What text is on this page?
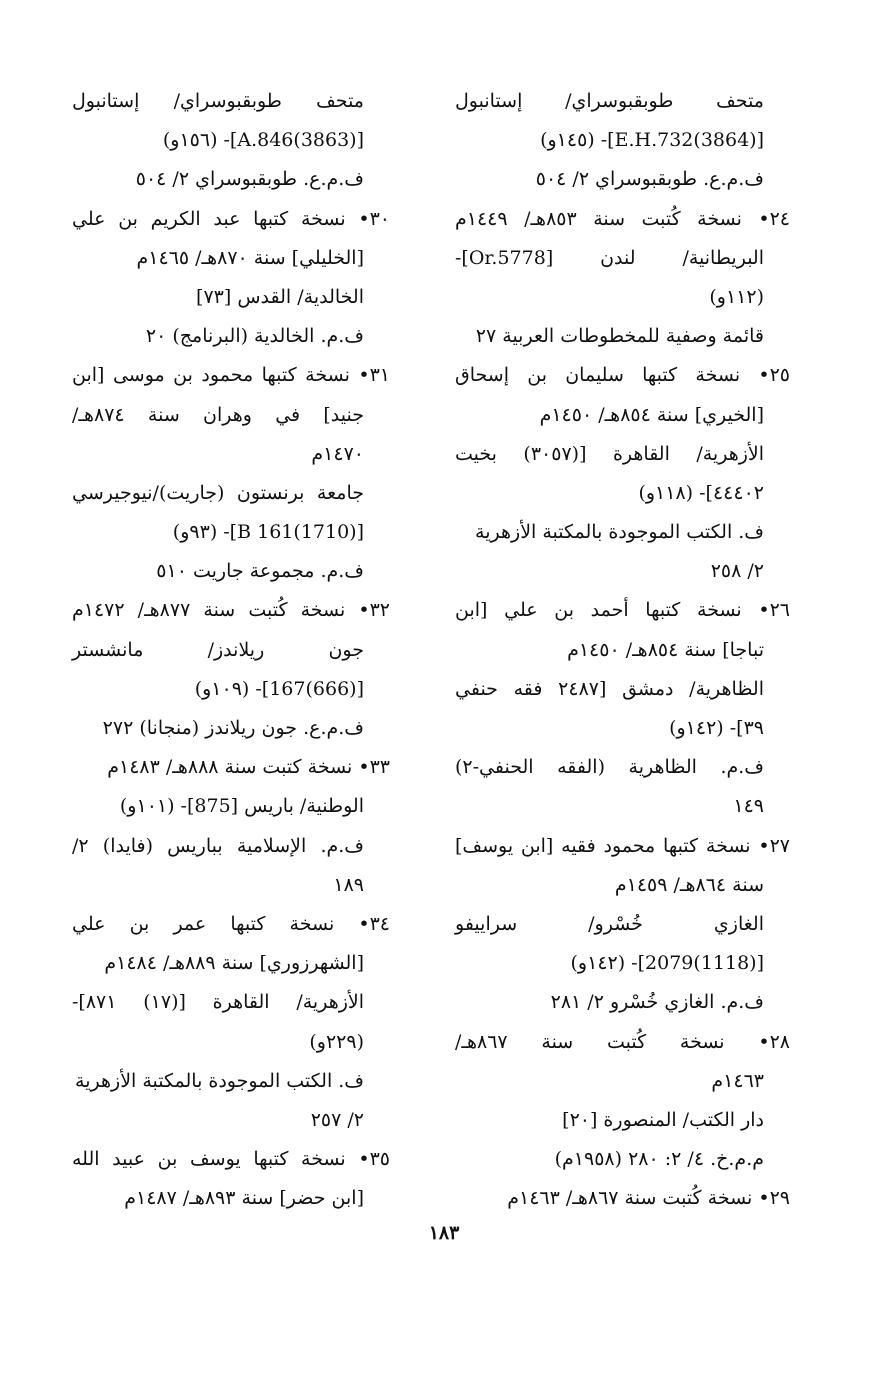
متحف طوبقبوسراي/ إستانبول
[(3864)E.H.732]- (١٤٥و)
ف.م.ع. طوبقبوسراي ٢/ ٥٠٤
٢٤• نسخة كُتبت سنة ٨٥٣هـ/ ١٤٤٩م
البريطانية/ لندن [Or.5778]-
(١١٢و)
قائمة وصفية للمخطوطات العربية ٢٧
٢٥• نسخة كتبها سليمان بن إسحاق
[الخيري] سنة ٨٥٤هـ/ ١٤٥٠م
الأزهرية/ القاهرة [(٣٠٥٧) بخيت
٤٤٤٠٢]- (١١٨و)
ف. الكتب الموجودة بالمكتبة الأزهرية
٢/ ٢٥٨
٢٦• نسخة كتبها أحمد بن علي [ابن
تباجا] سنة ٨٥٤هـ/ ١٤٥٠م
الظاهرية/ دمشق [٢٤٨٧ فقه حنفي
٣٩]- (١٤٢و)
ف.م. الظاهرية (الفقه الحنفي-٢)
١٤٩
٢٧• نسخة كتبها محمود فقيه [ابن يوسف]
سنة ٨٦٤هـ/ ١٤٥٩م
الغازي خُسْرو/ سراييفو
[(1118)2079]- (١٤٢و)
ف.م. الغازي خُسْرو ٢/ ٢٨١
٢٨• نسخة كُتبت سنة ٨٦٧هـ/
١٤٦٣م
دار الكتب/ المنصورة [٢٠]
م.م.خ. ٤/ ٢: ٢٨٠ (١٩٥٨م)
٢٩• نسخة كُتبت سنة ٨٦٧هـ/ ١٤٦٣م
متحف طوبقبوسراي/ إستانبول
[(3863)A.846]- (١٥٦و)
ف.م.ع. طوبقبوسراي ٢/ ٥٠٤
٣٠• نسخة كتبها عبد الكريم بن علي
[الخليلي] سنة ٨٧٠هـ/ ١٤٦٥م
الخالدية/ القدس [٧٣]
ف.م. الخالدية (البرنامج) ٢٠
٣١• نسخة كتبها محمود بن موسى [ابن
جنيد] في وهران سنة ٨٧٤هـ/
١٤٧٠م
جامعة برنستون (جاريت)/نيوجيرسي
[(1710)161 B]- (٩٣و)
ف.م. مجموعة جاريت ٥١٠
٣٢• نسخة كُتبت سنة ٨٧٧هـ/ ١٤٧٢م
جون ريلاندز/ مانشستر
[(666)167]- (١٠٩و)
ف.م.ع. جون ريلاندز (منجانا) ٢٧٢
٣٣• نسخة كتبت سنة ٨٨٨هـ/ ١٤٨٣م
الوطنية/ باريس [875]- (١٠١و)
ف.م. الإسلامية بباريس (فايدا) ٢/
١٨٩
٣٤• نسخة كتبها عمر بن علي
[الشهرزوري] سنة ٨٨٩هـ/ ١٤٨٤م
الأزهرية/ القاهرة [(١٧) ٨٧١]-
(٢٢٩و)
ف. الكتب الموجودة بالمكتبة الأزهرية
٢/ ٢٥٧
٣٥• نسخة كتبها يوسف بن عبيد الله
[ابن حضر] سنة ٨٩٣هـ/ ١٤٨٧م
١٨٣
